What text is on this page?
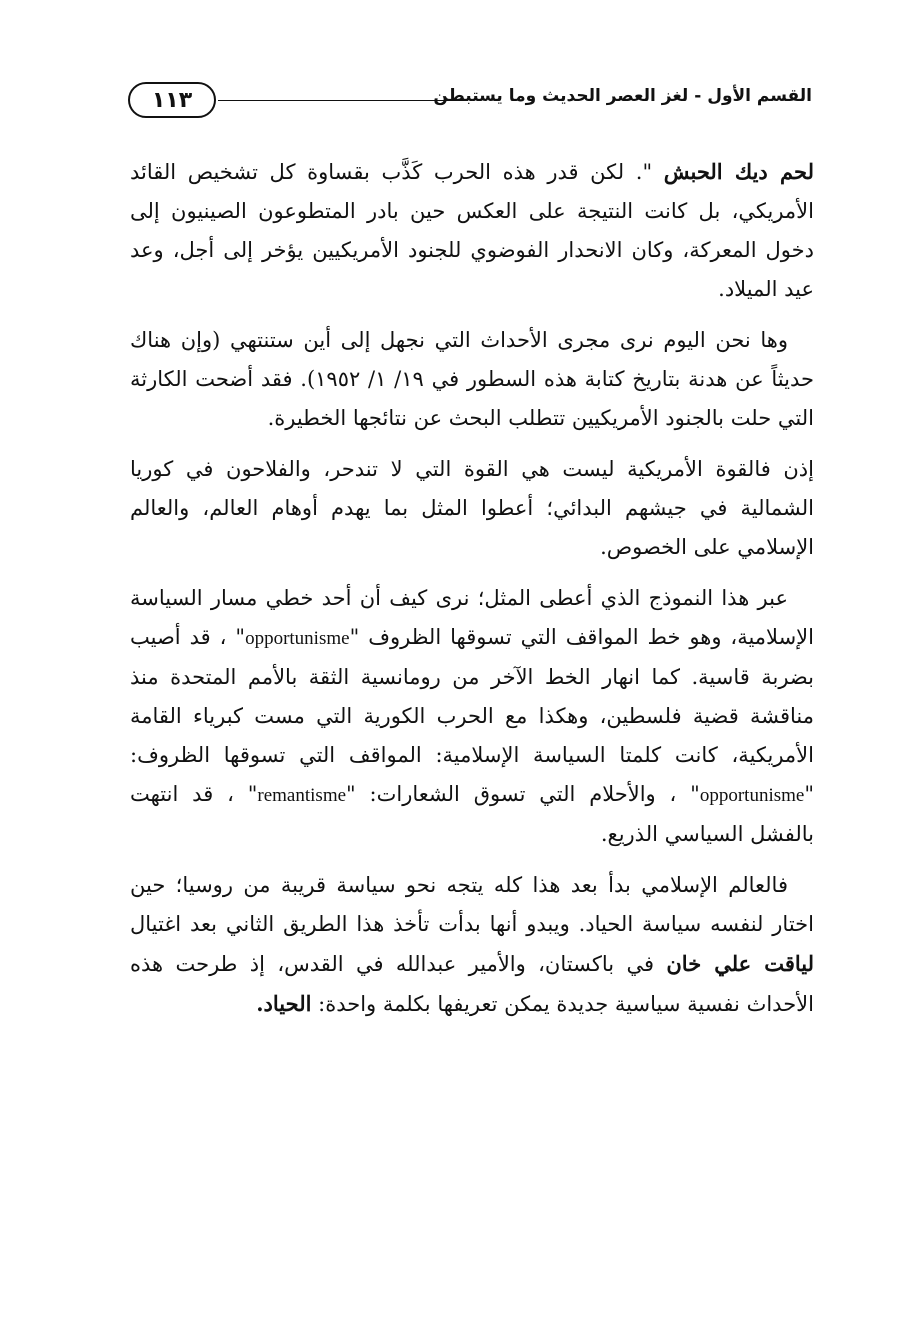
١١٣	القسم الأول - لغز العصر الحديث وما يستبطن

لحم ديك الحبش ". لكن قدر هذه الحرب كَذَّب بقساوة كل تشخيص القائد الأمريكي، بل كانت النتيجة على العكس حين بادر المتطوعون الصينيون إلى دخول المعركة، وكان الانحدار الفوضوي للجنود الأمريكيين يؤخر إلى أجل، وعد عيد الميلاد.

وها نحن اليوم نرى مجرى الأحداث التي نجهل إلى أين ستنتهي (وإن هناك حديثاً عن هدنة بتاريخ كتابة هذه السطور في ١٩/ ١/ ١٩٥٢). فقد أضحت الكارثة التي حلت بالجنود الأمريكيين تتطلب البحث عن نتائجها الخطيرة.

إذن فالقوة الأمريكية ليست هي القوة التي لا تندحر، والفلاحون في كوريا الشمالية في جيشهم البدائي؛ أعطوا المثل بما يهدم أوهام العالم، والعالم الإسلامي على الخصوص.

عبر هذا النموذج الذي أعطى المثل؛ نرى كيف أن أحد خطي مسار السياسة الإسلامية، وهو خط المواقف التي تسوقها الظروف "opportunisme" ، قد أصيب بضربة قاسية. كما انهار الخط الآخر من رومانسية الثقة بالأمم المتحدة منذ مناقشة قضية فلسطين، وهكذا مع الحرب الكورية التي مست كبرياء القامة الأمريكية، كانت كلمتا السياسة الإسلامية: المواقف التي تسوقها الظروف: "opportunisme" ، والأحلام التي تسوق الشعارات: "remantisme" ، قد انتهت بالفشل السياسي الذريع.

فالعالم الإسلامي بدأ بعد هذا كله يتجه نحو سياسة قريبة من روسيا؛ حين اختار لنفسه سياسة الحياد. ويبدو أنها بدأت تأخذ هذا الطريق الثاني بعد اغتيال لياقت علي خان في باكستان، والأمير عبدالله في القدس، إذ طرحت هذه الأحداث نفسية سياسية جديدة يمكن تعريفها بكلمة واحدة: الحياد.
